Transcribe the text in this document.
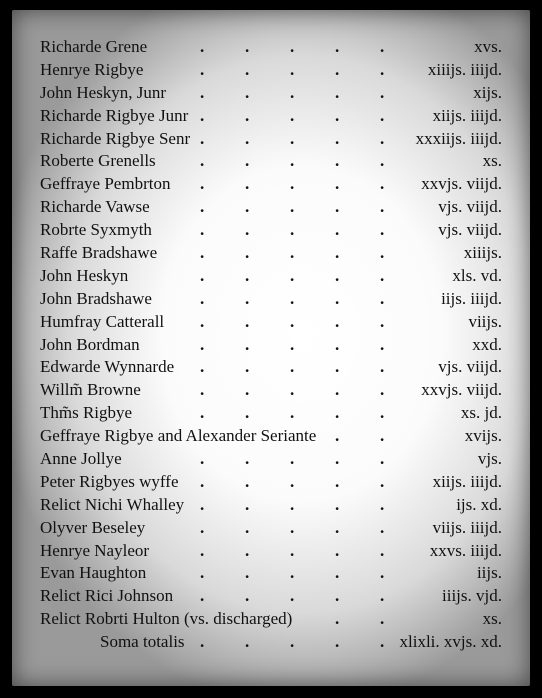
Richarde Grene	. . . . .	xvs.
Henrye Rigbye	. . . . .	xiiijs. iiijd.
John Heskyn, Junr . . . . .	xijs.
Richarde Rigbye Junr . . . . .	xiijs. iiijd.
Richarde Rigbye Senr . . . . . xxxiijs. iiijd.
Roberte Grenells	. . . . .	xs.
Geffraye Pembrton . . . . . xxvjs. viijd.
Richarde Vawse	. . . . .	vjs. viijd.
Robrte Syxmyth	. . . . .	vjs. viijd.
Raffe Bradshawe	. . . . .	xiiijs.
John Heskyn	. . . . .	xls. vd.
John Bradshawe	. . . . .	iijs. iiijd.
Humfray Catterall . . . . .	viijs.
John Bordman	. . . . .	xxd.
Edwarde Wynnarde . . . . .	vjs. viijd.
Willm̃ Browne	. . . . . xxvjs. viijd.
Thm̃s Rigbye	. . . . .	xs. jd.
Geffraye Rigbye and Alexander Seriante . .	xvijs.
Anne Jollye	. . . . .	vjs.
Peter Rigbyes wyffe . . . . .	xiijs. iiijd.
Relict Nichi Whalley . . . . .	ijs. xd.
Olyver Beseley	. . . . .	viijs. iiijd.
Henrye Nayleor	. . . . .	xxvs. iiijd.
Evan Haughton	. . . . .	iijs.
Relict Rici Johnson . . . . .	iiijs. vjd.
Relict Robrti Hulton (vs. discharged)	. .	xs.
Soma totalis . . . . . xlixli. xvjs. xd.
